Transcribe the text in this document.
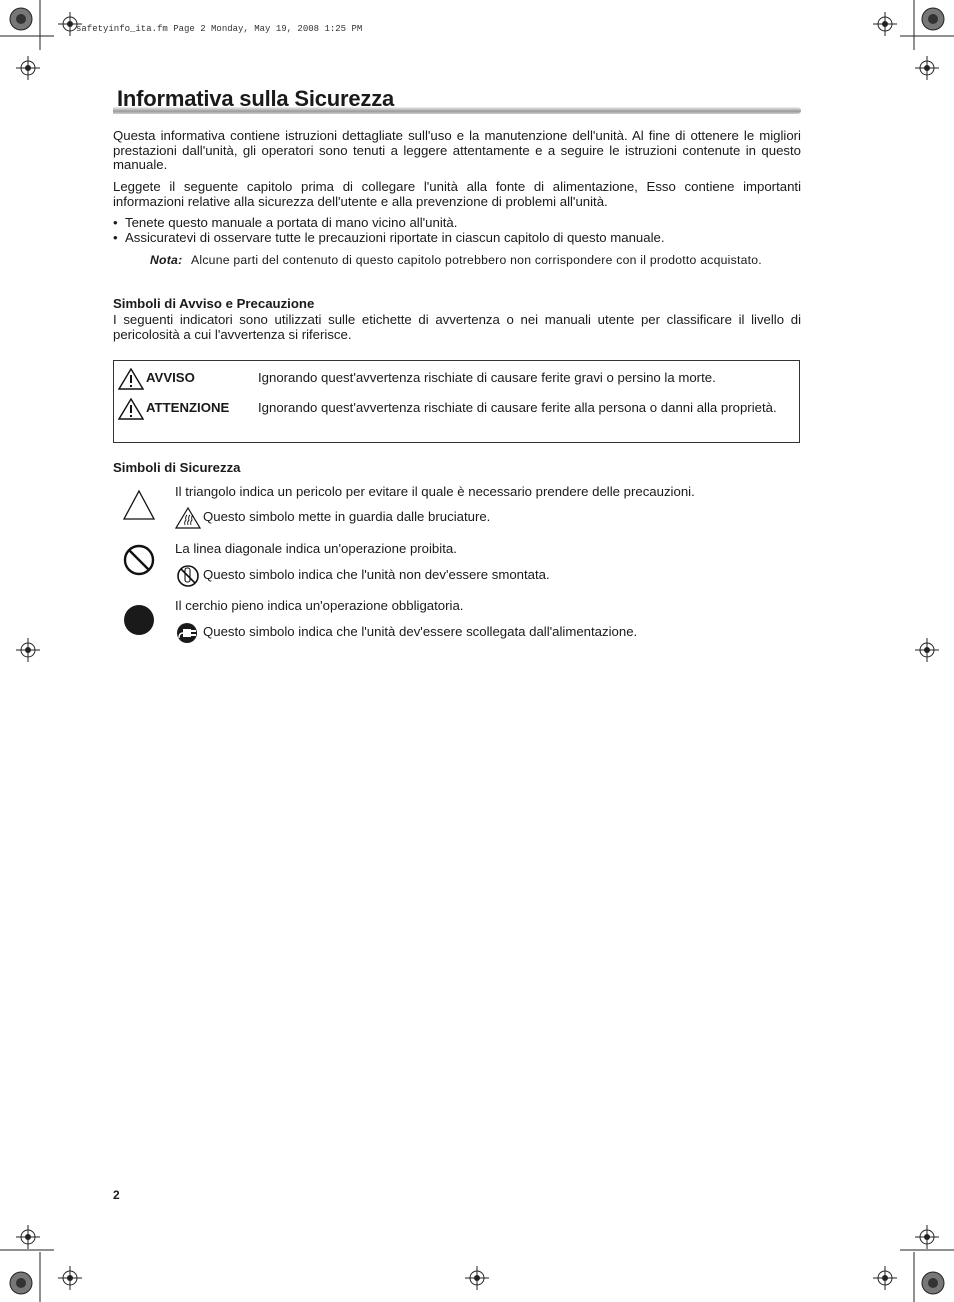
safetyinfo_ita.fm Page 2 Monday, May 19, 2008 1:25 PM
Informativa sulla Sicurezza

Questa informativa contiene istruzioni dettagliate sull'uso e la manutenzione dell'unità. Al fine di ottenere le migliori prestazioni dall'unità, gli operatori sono tenuti a leggere attentamente e a seguire le istruzioni contenute in questo manuale.

Leggete il seguente capitolo prima di collegare l'unità alla fonte di alimentazione, Esso contiene importanti informazioni relative alla sicurezza dell'utente e alla prevenzione di problemi all'unità.

• Tenete questo manuale a portata di mano vicino all'unità.
• Assicuratevi di osservare tutte le precauzioni riportate in ciascun capitolo di questo manuale.
Nota: Alcune parti del contenuto di questo capitolo potrebbero non corrispondere con il prodotto acquistato.

Simboli di Avviso e Precauzione

I seguenti indicatori sono utilizzati sulle etichette di avvertenza o nei manuali utente per classificare il livello di pericolosità a cui l'avvertenza si riferisce.

AVVISO	Ignorando quest'avvertenza rischiate di causare ferite gravi o persino la morte.
ATTENZIONE Ignorando quest'avvertenza rischiate di causare ferite alla persona o danni alla proprietà.

Simboli di Sicurezza

Il triangolo indica un pericolo per evitare il quale è necessario prendere delle precauzioni.
Questo simbolo mette in guardia dalle bruciature.
La linea diagonale indica un'operazione proibita.
Questo simbolo indica che l'unità non dev'essere smontata.
Il cerchio pieno indica un'operazione obbligatoria.
Questo simbolo indica che l'unità dev'essere scollegata dall'alimentazione.
2
